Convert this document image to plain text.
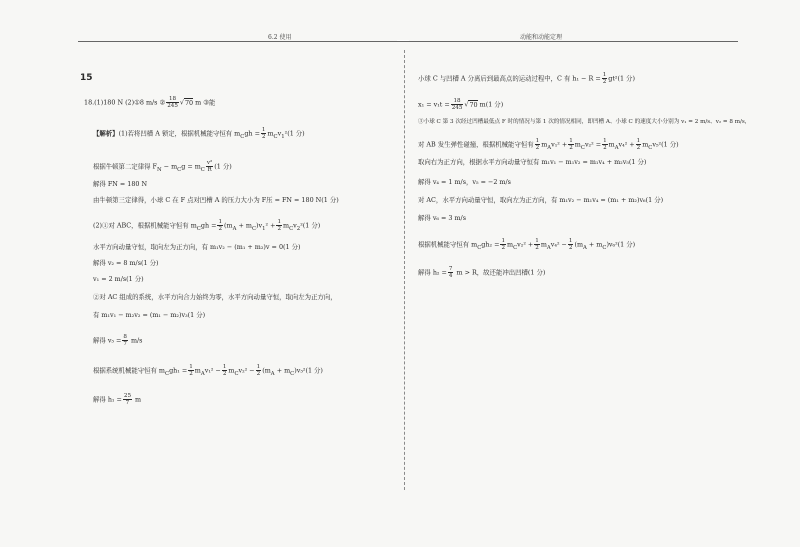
6.2 使用	动能和动能定理
15
18.(1)180 N (2)①8 m/s ② $\frac{18}{245} √70$ m ③能
【解析】(1)若将凹槽 A 锁定，根据机械能守恒有 $m_Cgh = \frac{1}{2} m_Cv_1^2(1$ 分)
根据牛顿第二定律得 $F_N - m_Cg = m_C \frac{\text{v²}}{R} (1$ 分)
解得 FN = 180 N
由牛顿第三定律得，小球 C 在 F 点对凹槽 A 的压力大小为 F压 = FN = 180 N(1 分)
(2)①对 ABC，根据机械能守恒有 $m_Cgh = \frac{1}{2} (m_A + m_C)v_1^2 + \frac{1}{2} m_Cv_2^2(1$ 分)
水平方向动量守恒，取向左为正方向，有 m₁v₂ − (m₁ + m₂)v = 0(1 分)
解得 v₂ = 8 m/s(1 分)
v₁ = 2 m/s(1 分)
②对 AC 组成的系统，水平方向合力始终为零，水平方向动量守恒，取向左为正方向，
有 m₁v₁ − m₂v₂ = (m₁ − m₂)v₃(1 分)
解得 $v_3 = \frac{8}{7} m/s$
根据系统机械能守恒有 $m_Cgh_1 = \frac{1}{2} m_Av_1^2 - \frac{1}{2} m_Cv_2^2 - \frac{1}{2} (m_A + m_C)v_3^2(1$ 分)
解得 $h_1 = \frac{25}{7}$ m
小球 C 与凹槽 A 分离后到最高点的运动过程中，C 有 $h_1 - R = \frac{1}{2} gt^2(1$ 分)
$x_1 = v_1t = \frac{18}{245} √70$ m(1 分)
③小球 C 第 3 次经过凹槽最低点 F 时的情况与第 1 次的情况相同，即凹槽 A、小球 C 的速度大小分别为 v₁ = 2 m/s、v₂ = 8 m/s，
对 AB 发生弹性碰撞，根据机械能守恒有 $\frac{1}{2} m_Av_1^2 + \frac{1}{2} m_Cv_2^2 = \frac{1}{2} m_Av_4^2 + \frac{1}{2} m_Cv_5^2(1$ 分)
取向右为正方向，根据水平方向动量守恒有 m₁v₁ − m₁v₂ = m₁v₄ + m₂v₅(1 分)
解得 v₄ = 1 m/s，v₅ = −2 m/s
对 AC，水平方向动量守恒，取向左为正方向，有 m₁v₂ − m₁v₄ = (m₁ + m₂)v₆(1 分)
解得 v₆ = 3 m/s
根据机械能守恒有 $m_Cgh_2 = \frac{1}{2} m_Cv_2^2 + \frac{1}{2} m_Av_4^2 - \frac{1}{2} (m_A + m_C)v_6^2(1$ 分)
解得 $h_2 = \frac{7}{4}$ m > R，故还能冲出凹槽(1 分)
